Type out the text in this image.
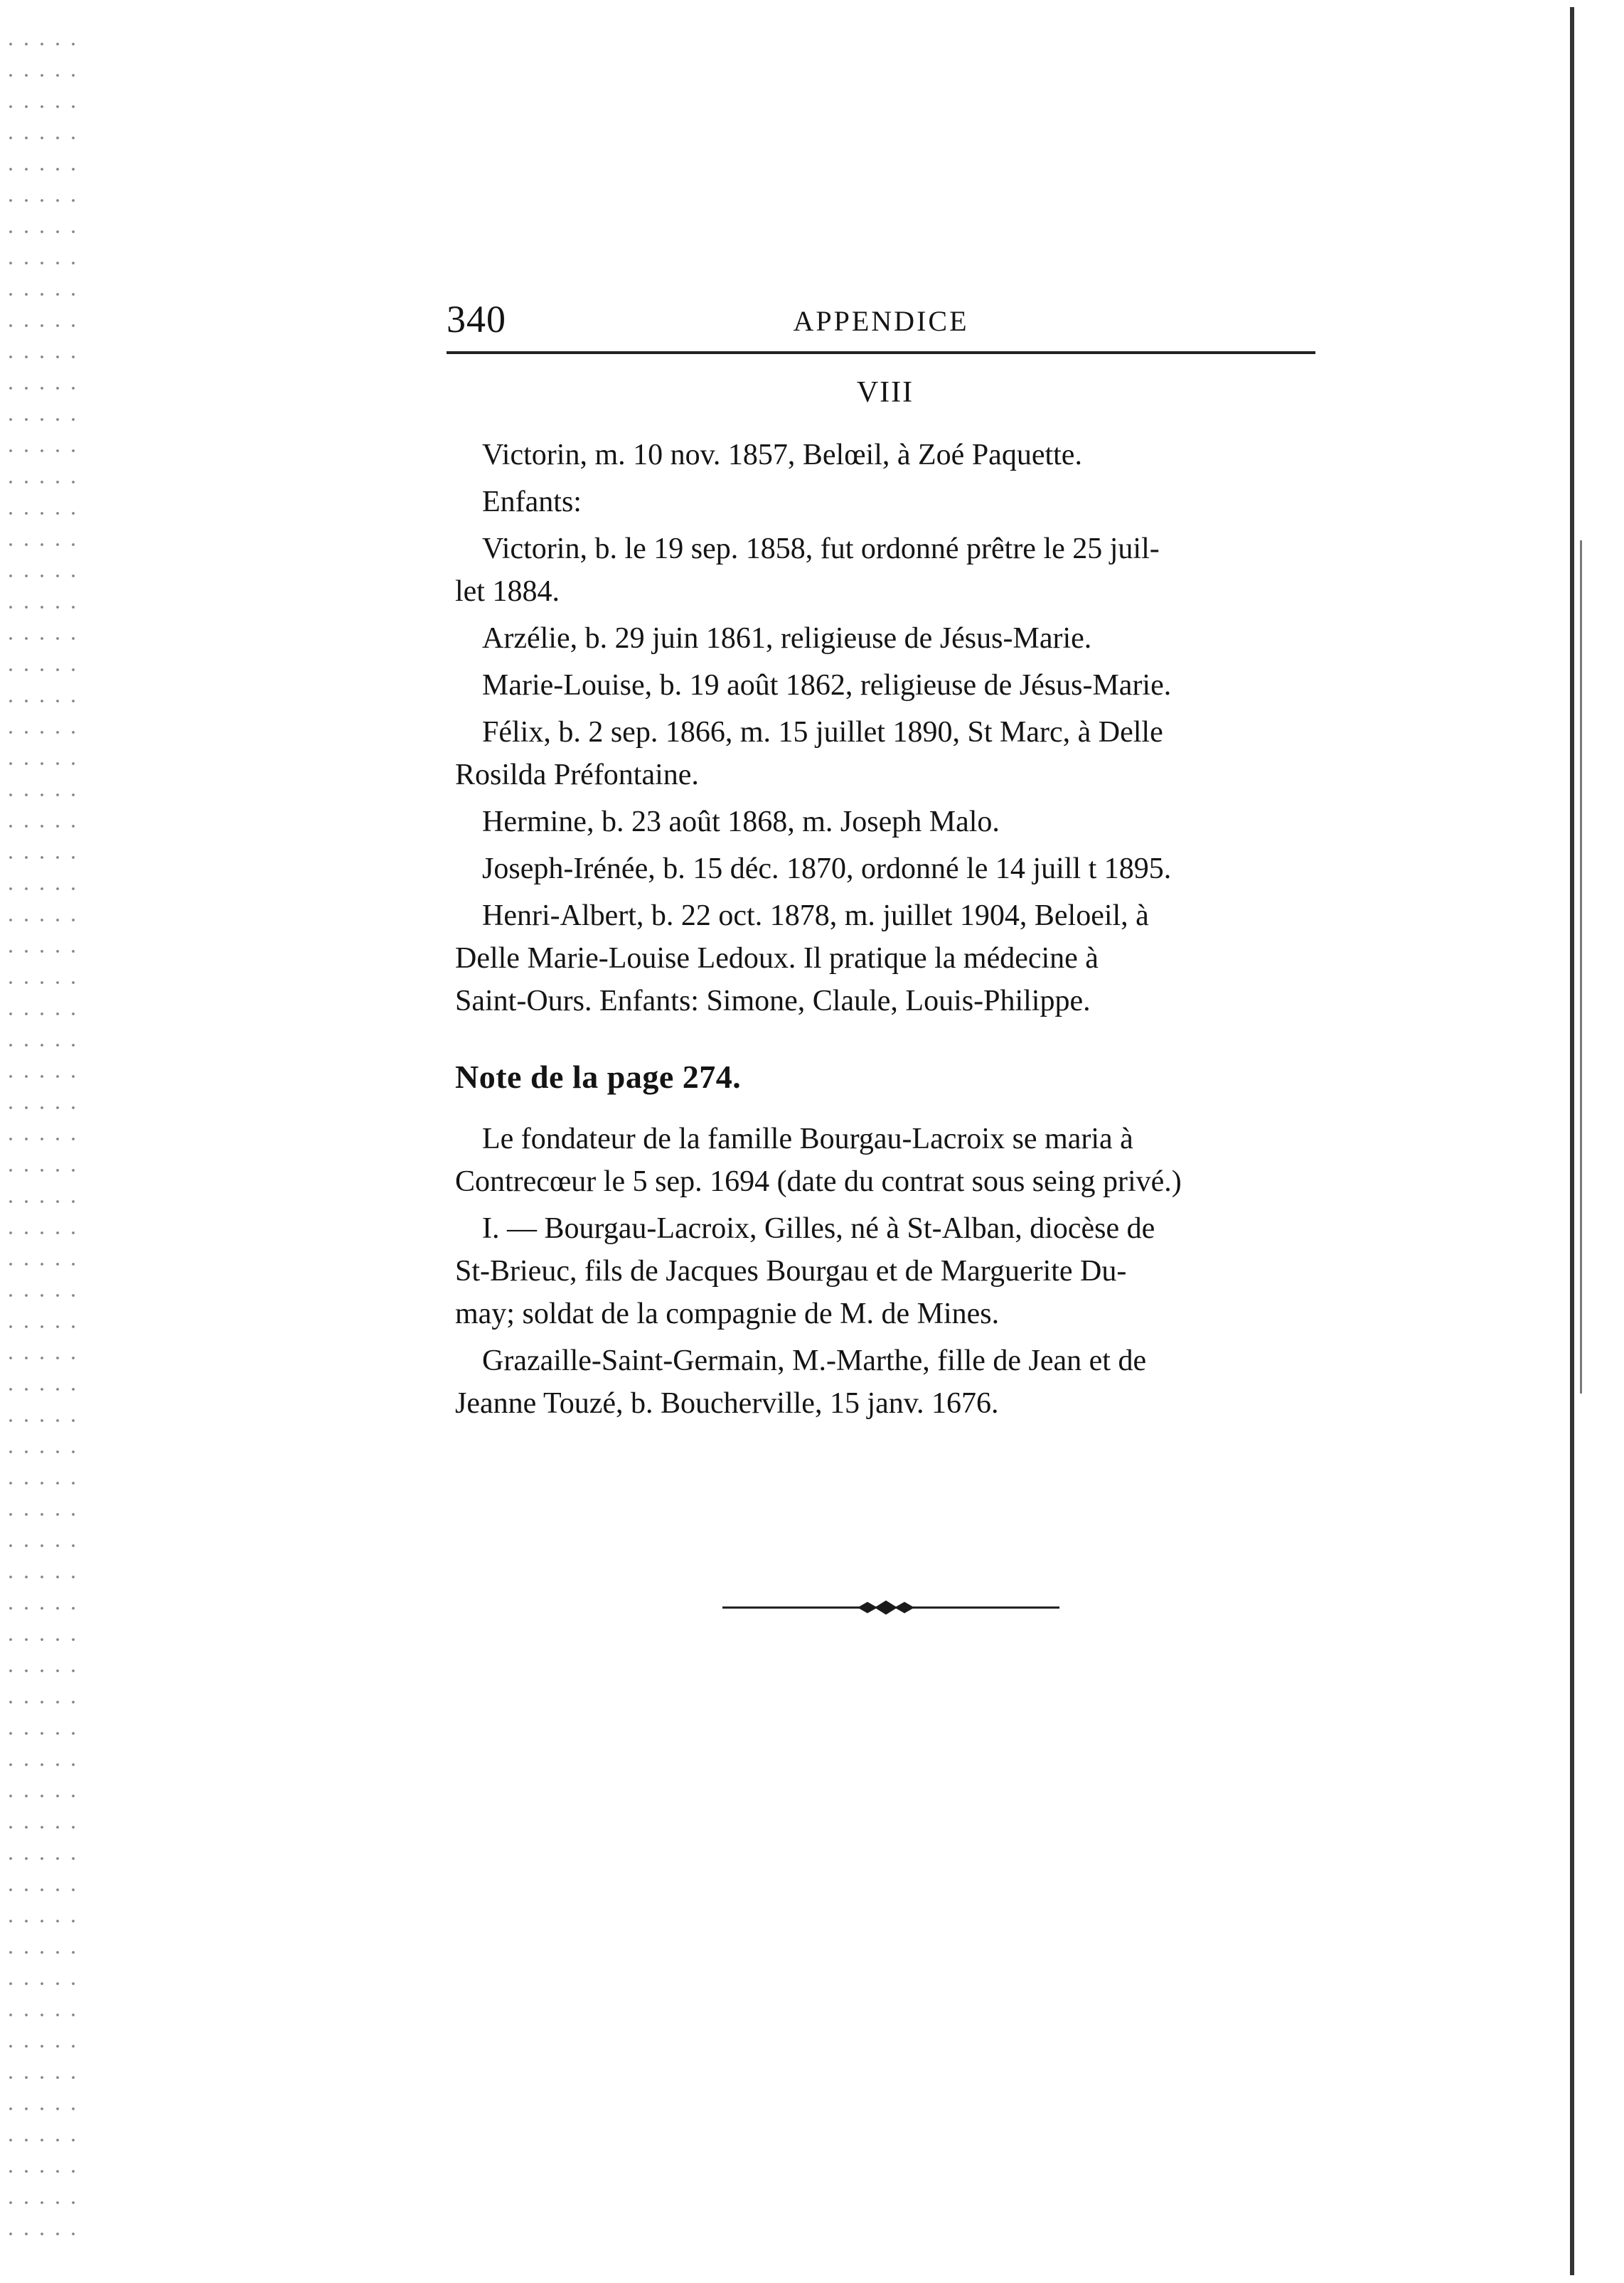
340	APPENDICE
VIII

Victorin, m. 10 nov. 1857, Belœil, à Zoé Paquette.

Enfants:

Victorin, b. le 19 sep. 1858, fut ordonné prêtre le 25 juil-
let 1884.

Arzélie, b. 29 juin 1861, religieuse de Jésus-Marie.

Marie-Louise, b. 19 août 1862, religieuse de Jésus-Marie.

Félix, b. 2 sep. 1866, m. 15 juillet 1890, St Marc, à Delle
Rosilda Préfontaine.

Hermine, b. 23 août 1868, m. Joseph Malo.

Joseph-Irénée, b. 15 déc. 1870, ordonné le 14 juill t 1895.

Henri-Albert, b. 22 oct. 1878, m. juillet 1904, Beloeil, à
Delle Marie-Louise Ledoux. Il pratique la médecine à
Saint-Ours. Enfants: Simone, Claule, Louis-Philippe.

Note de la page 274.

Le fondateur de la famille Bourgau-Lacroix se maria à
Contrecœur le 5 sep. 1694 (date du contrat sous seing privé.)

I. — Bourgau-Lacroix, Gilles, né à St-Alban, diocèse de
St-Brieuc, fils de Jacques Bourgau et de Marguerite Du-
may; soldat de la compagnie de M. de Mines.

Grazaille-Saint-Germain, M.-Marthe, fille de Jean et de
Jeanne Touzé, b. Boucherville, 15 janv. 1676.
